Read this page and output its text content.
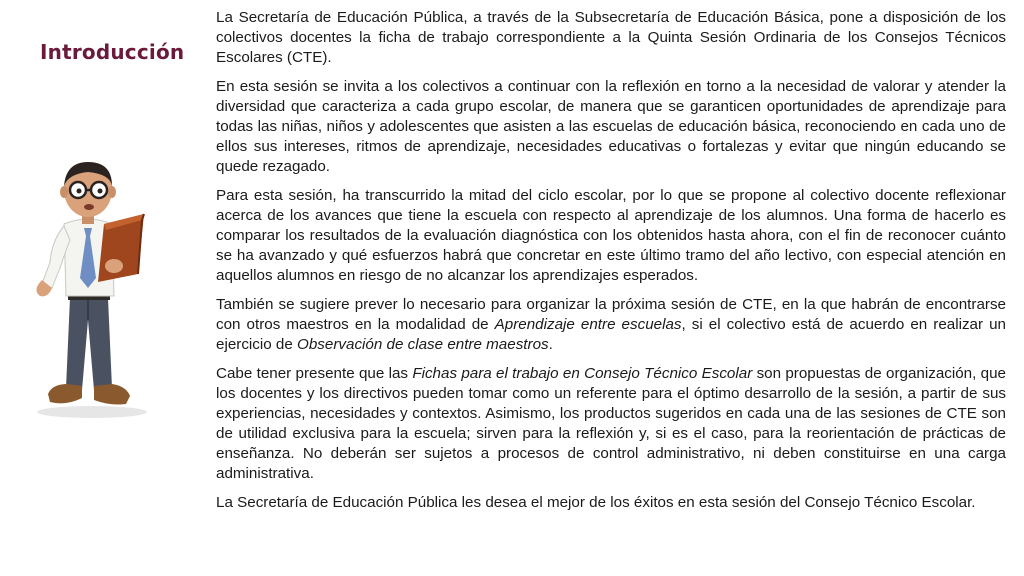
Introducción

La Secretaría de Educación Pública, a través de la Subsecretaría de Educación Básica, pone a disposición de los colectivos docentes la ficha de trabajo correspondiente a la Quinta Sesión Ordinaria de los Consejos Técnicos Escolares (CTE).

En esta sesión se invita a los colectivos a continuar con la reflexión en torno a la necesidad de valorar y atender la diversidad que caracteriza a cada grupo escolar, de manera que se garanticen oportunidades de aprendizaje para todas las niñas, niños y adolescentes que asisten a las escuelas de educación básica, reconociendo en cada uno de ellos sus intereses, ritmos de aprendizaje, necesidades educativas o fortalezas y evitar que ningún educando se quede rezagado.

Para esta sesión, ha transcurrido la mitad del ciclo escolar, por lo que se propone al colectivo docente reflexionar acerca de los avances que tiene la escuela con respecto al aprendizaje de los alumnos. Una forma de hacerlo es comparar los resultados de la evaluación diagnóstica con los obtenidos hasta ahora, con el fin de reconocer cuánto se ha avanzado y qué esfuerzos habrá que concretar en este último tramo del año lectivo, con especial atención en aquellos alumnos en riesgo de no alcanzar los aprendizajes esperados.

También se sugiere prever lo necesario para organizar la próxima sesión de CTE, en la que habrán de encontrarse con otros maestros en la modalidad de Aprendizaje entre escuelas, si el colectivo está de acuerdo en realizar un ejercicio de Observación de clase entre maestros.

Cabe tener presente que las Fichas para el trabajo en Consejo Técnico Escolar son propuestas de organización, que los docentes y los directivos pueden tomar como un referente para el óptimo desarrollo de la sesión, a partir de sus experiencias, necesidades y contextos. Asimismo, los productos sugeridos en cada una de las sesiones de CTE son de utilidad exclusiva para la escuela; sirven para la reflexión y, si es el caso, para la reorientación de prácticas de enseñanza. No deberán ser sujetos a procesos de control administrativo, ni deben constituirse en una carga administrativa.

La Secretaría de Educación Pública les desea el mejor de los éxitos en esta sesión del Consejo Técnico Escolar.
